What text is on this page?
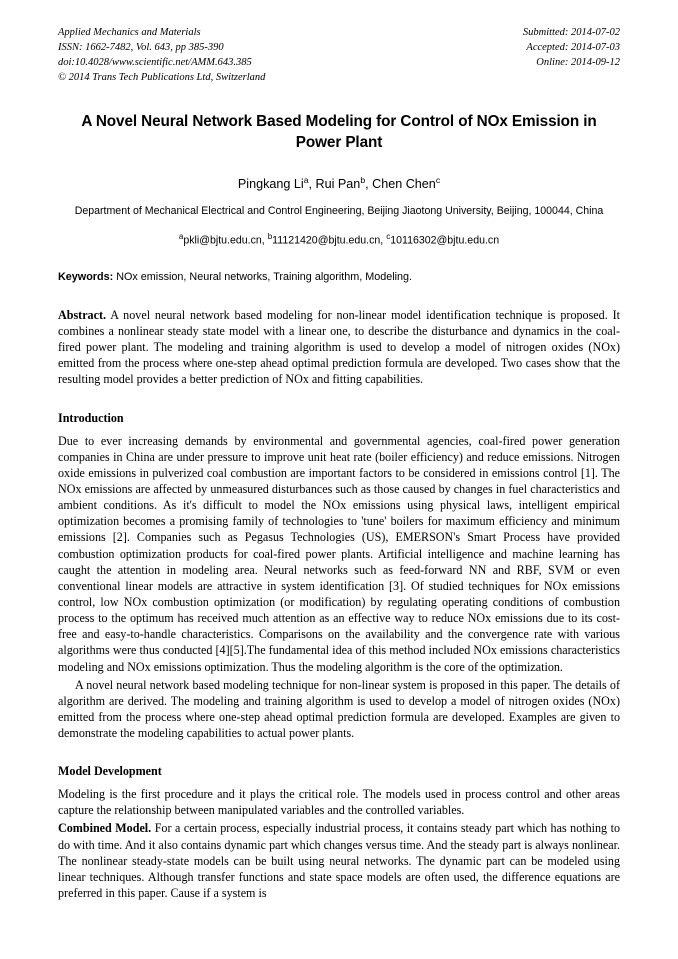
Applied Mechanics and Materials
ISSN: 1662-7482, Vol. 643, pp 385-390
doi:10.4028/www.scientific.net/AMM.643.385
© 2014 Trans Tech Publications Ltd, Switzerland
Submitted: 2014-07-02
Accepted: 2014-07-03
Online: 2014-09-12
A Novel Neural Network Based Modeling for Control of NOx Emission in Power Plant
Pingkang Li$^a$, Rui Pan$^b$, Chen Chen$^c$
Department of Mechanical Electrical and Control Engineering, Beijing Jiaotong University, Beijing, 100044, China
$^a$pkli@bjtu.edu.cn, $^b$11121420@bjtu.edu.cn, $^c$10116302@bjtu.edu.cn
Keywords: NOx emission, Neural networks, Training algorithm, Modeling.
Abstract. A novel neural network based modeling for non-linear model identification technique is proposed. It combines a nonlinear steady state model with a linear one, to describe the disturbance and dynamics in the coal-fired power plant. The modeling and training algorithm is used to develop a model of nitrogen oxides (NOx) emitted from the process where one-step ahead optimal prediction formula are developed. Two cases show that the resulting model provides a better prediction of NOx and fitting capabilities.
Introduction
Due to ever increasing demands by environmental and governmental agencies, coal-fired power generation companies in China are under pressure to improve unit heat rate (boiler efficiency) and reduce emissions. Nitrogen oxide emissions in pulverized coal combustion are important factors to be considered in emissions control [1]. The NOx emissions are affected by unmeasured disturbances such as those caused by changes in fuel characteristics and ambient conditions. As it's difficult to model the NOx emissions using physical laws, intelligent empirical optimization becomes a promising family of technologies to 'tune' boilers for maximum efficiency and minimum emissions [2]. Companies such as Pegasus Technologies (US), EMERSON's Smart Process have provided combustion optimization products for coal-fired power plants. Artificial intelligence and machine learning has caught the attention in modeling area. Neural networks such as feed-forward NN and RBF, SVM or even conventional linear models are attractive in system identification [3]. Of studied techniques for NOx emissions control, low NOx combustion optimization (or modification) by regulating operating conditions of combustion process to the optimum has received much attention as an effective way to reduce NOx emissions due to its cost-free and easy-to-handle characteristics. Comparisons on the availability and the convergence rate with various algorithms were thus conducted [4][5].The fundamental idea of this method included NOx emissions characteristics modeling and NOx emissions optimization. Thus the modeling algorithm is the core of the optimization.
A novel neural network based modeling technique for non-linear system is proposed in this paper. The details of algorithm are derived. The modeling and training algorithm is used to develop a model of nitrogen oxides (NOx) emitted from the process where one-step ahead optimal prediction formula are developed. Examples are given to demonstrate the modeling capabilities to actual power plants.
Model Development
Modeling is the first procedure and it plays the critical role. The models used in process control and other areas capture the relationship between manipulated variables and the controlled variables.
Combined Model. For a certain process, especially industrial process, it contains steady part which has nothing to do with time. And it also contains dynamic part which changes versus time. And the steady part is always nonlinear. The nonlinear steady-state models can be built using neural networks. The dynamic part can be modeled using linear techniques. Although transfer functions and state space models are often used, the difference equations are preferred in this paper. Cause if a system is
